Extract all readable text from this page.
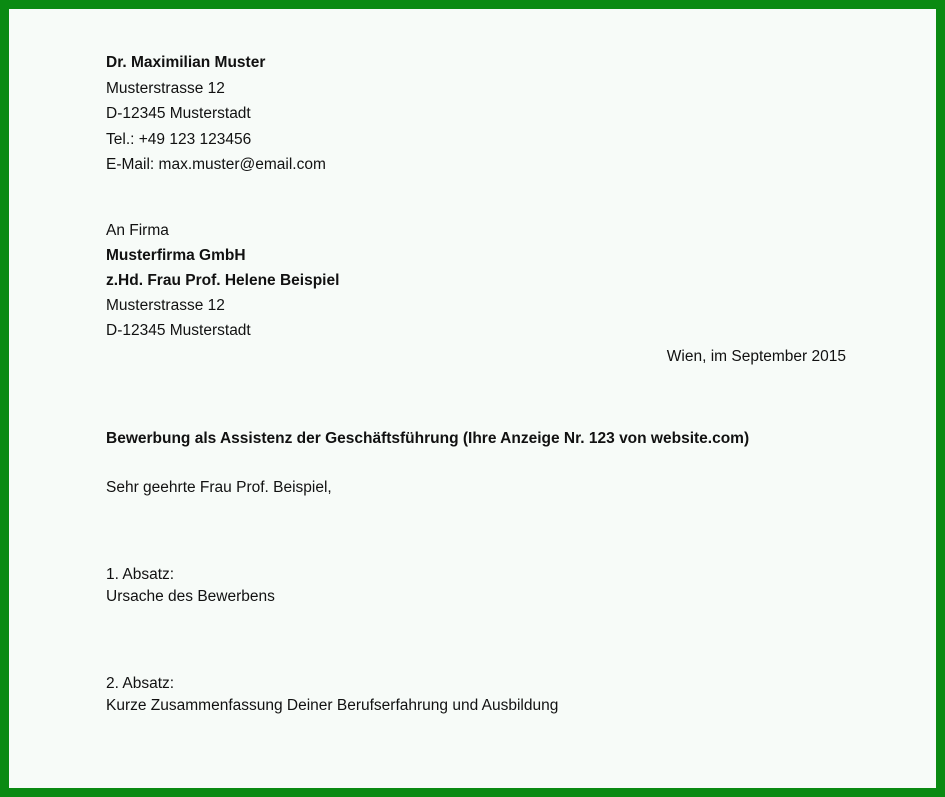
Dr. Maximilian Muster
Musterstrasse 12
D-12345 Musterstadt
Tel.: +49 123 123456
E-Mail: max.muster@email.com
An Firma
Musterfirma GmbH
z.Hd. Frau Prof. Helene Beispiel
Musterstrasse 12
D-12345 Musterstadt
Wien, im September 2015
Bewerbung als Assistenz der Geschäftsführung (Ihre Anzeige Nr. 123 von website.com)
Sehr geehrte Frau Prof. Beispiel,
1. Absatz:
Ursache des Bewerbens
2. Absatz:
Kurze Zusammenfassung Deiner Berufserfahrung und Ausbildung
